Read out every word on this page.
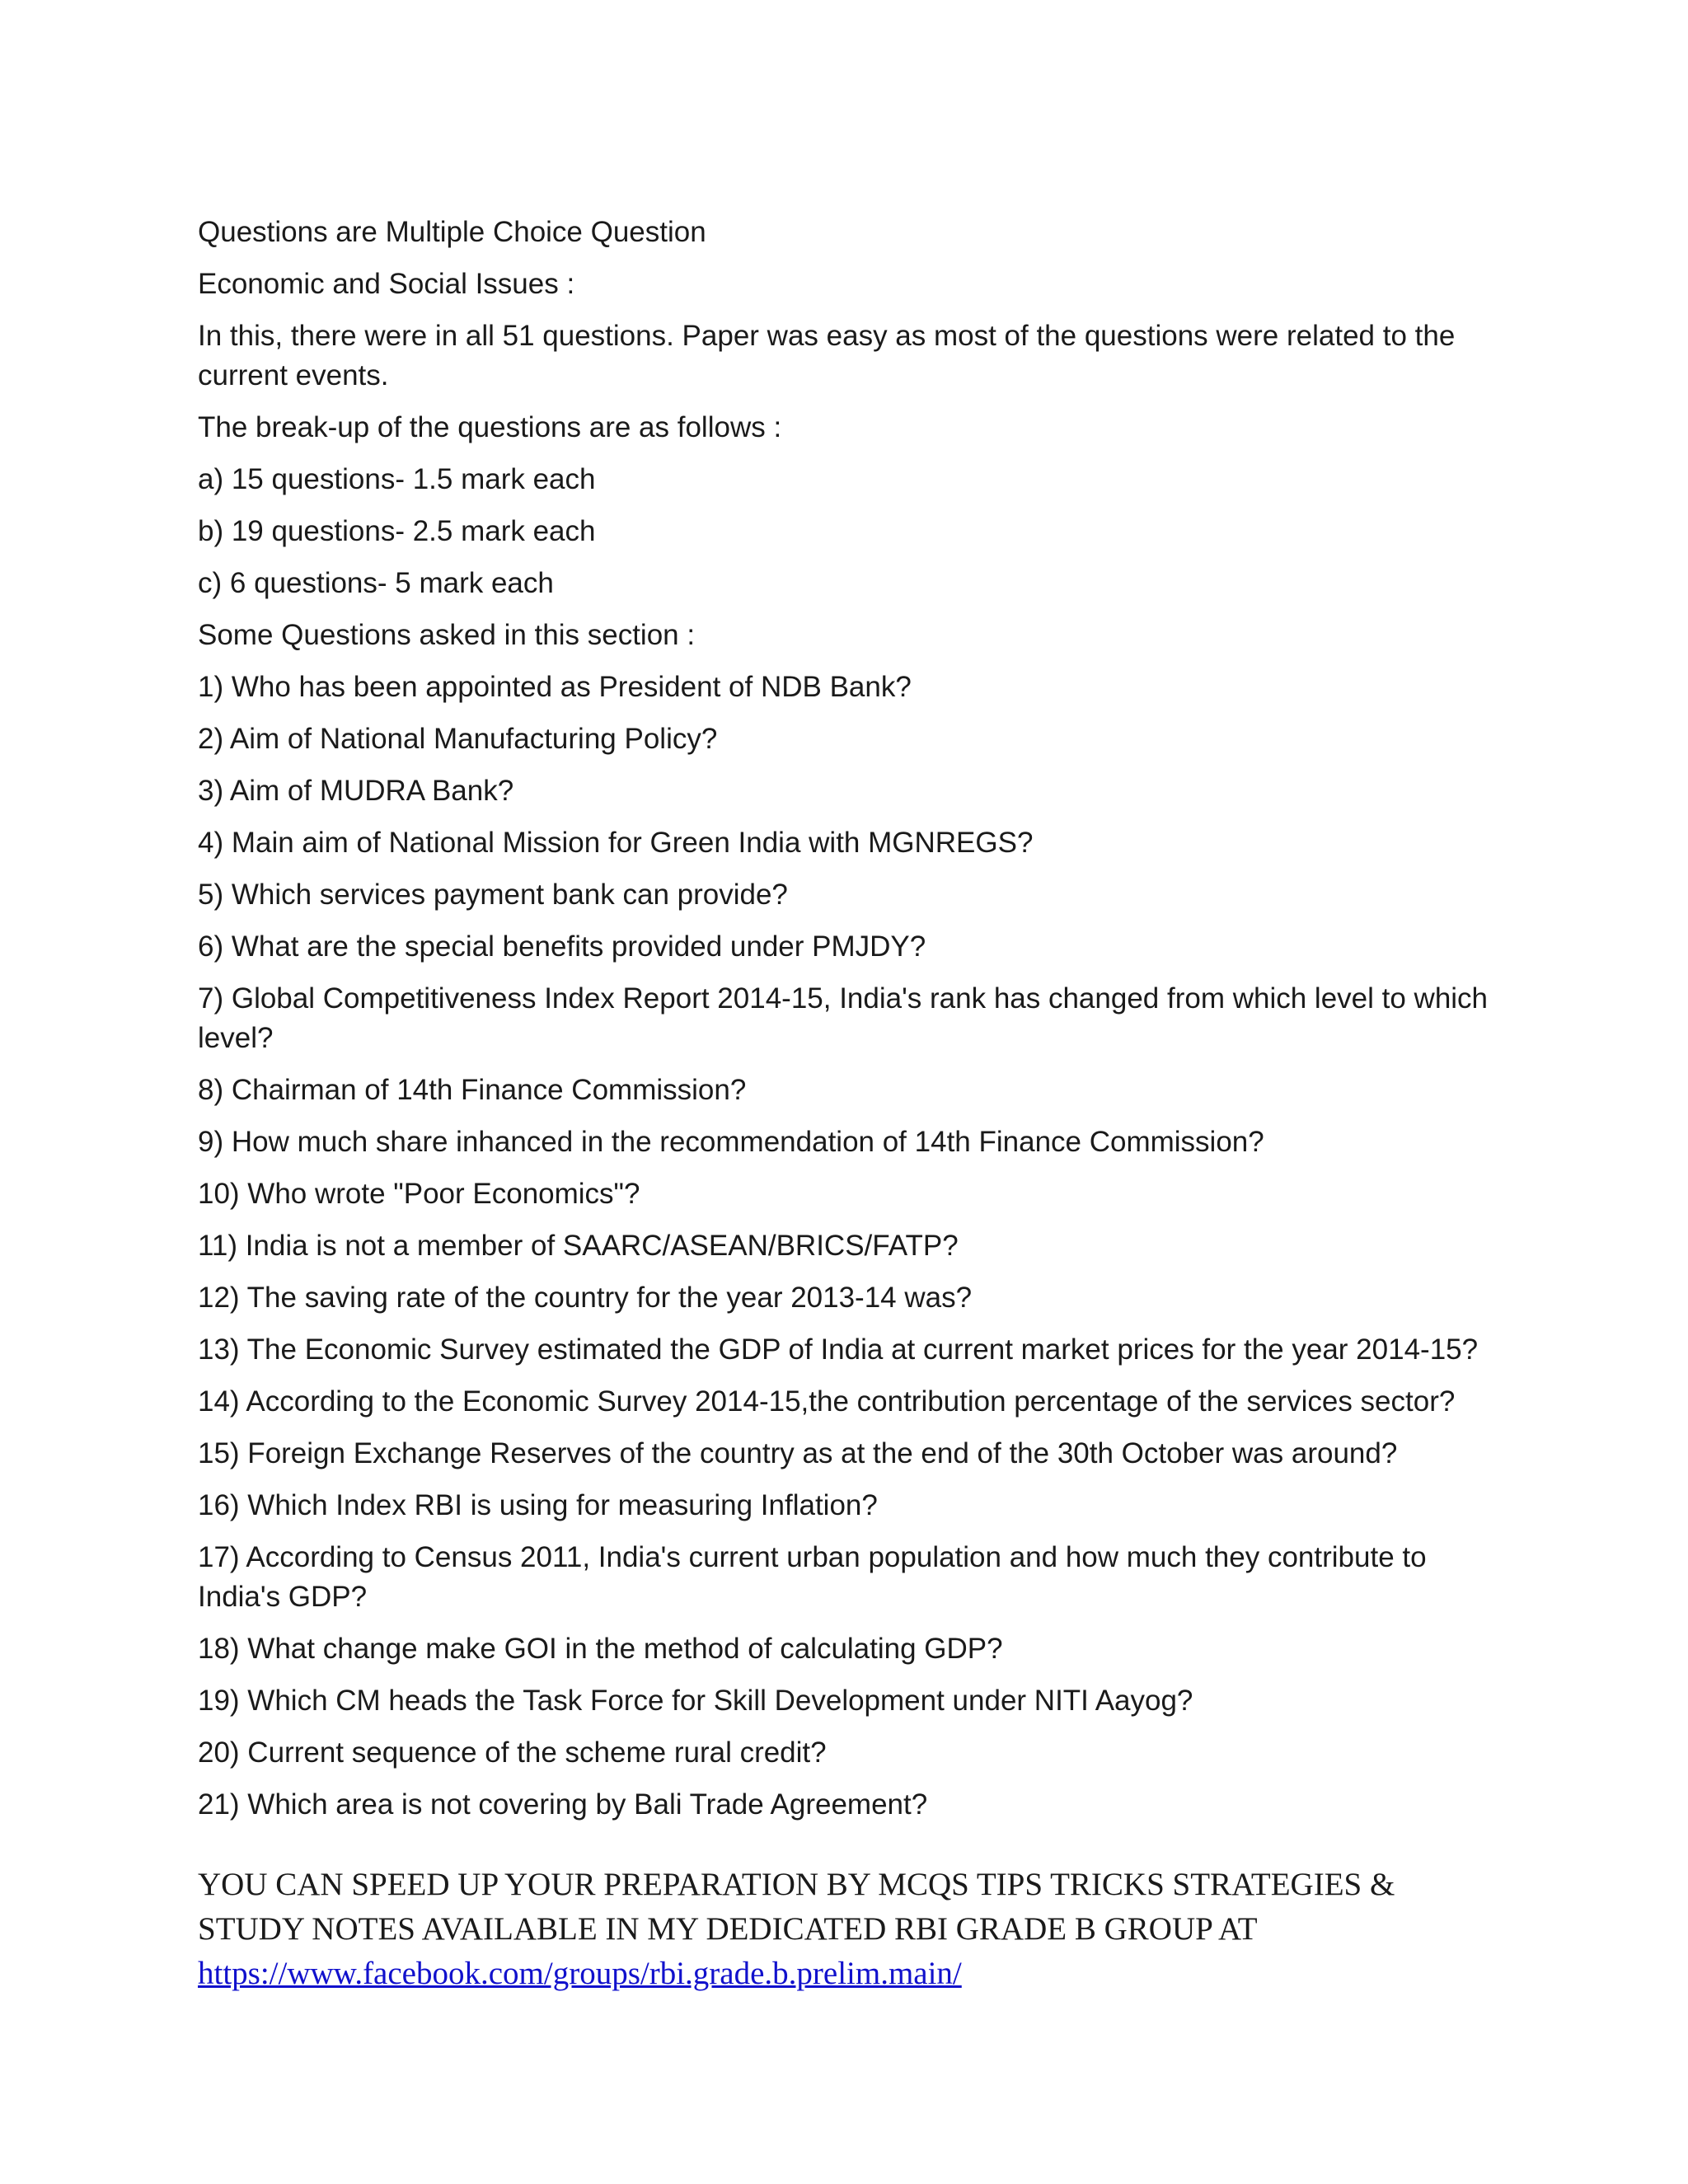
Questions are Multiple Choice Question

Economic and Social Issues :

In this, there were in all 51 questions. Paper was easy as most of the questions were related to the current events.

The break-up of the questions are as follows :

a) 15 questions- 1.5 mark each

b) 19 questions- 2.5 mark each

c) 6 questions- 5 mark each

Some Questions asked in this section :

1) Who has been appointed as President of NDB Bank?

2) Aim of National Manufacturing Policy?

3) Aim of MUDRA Bank?

4) Main aim of National Mission for Green India with MGNREGS?

5) Which services payment bank can provide?

6) What are the special benefits provided under PMJDY?

7) Global Competitiveness Index Report 2014-15, India's rank has changed from which level to which level?

8) Chairman of 14th Finance Commission?

9) How much share inhanced in the recommendation of 14th Finance Commission?

10) Who wrote "Poor Economics"?

11) India is not a member of SAARC/ASEAN/BRICS/FATP?

12) The saving rate of the country for the year 2013-14 was?

13) The Economic Survey estimated the GDP of India at current market prices for the year 2014-15?

14) According to the Economic Survey 2014-15,the contribution percentage of the services sector?

15) Foreign Exchange Reserves of the country as at the end of the 30th October was around?

16) Which Index RBI is using for measuring Inflation?

17) According to Census 2011, India's current urban population and how much they contribute to India's GDP?

18) What change make GOI in the method of calculating GDP?

19) Which CM heads the Task Force for Skill Development under NITI Aayog?

20) Current sequence of the scheme rural credit?

21) Which area is not covering by Bali Trade Agreement?

YOU CAN SPEED UP YOUR PREPARATION BY MCQS TIPS TRICKS STRATEGIES &

STUDY NOTES AVAILABLE IN MY DEDICATED RBI GRADE B GROUP AT

https://www.facebook.com/groups/rbi.grade.b.prelim.main/
